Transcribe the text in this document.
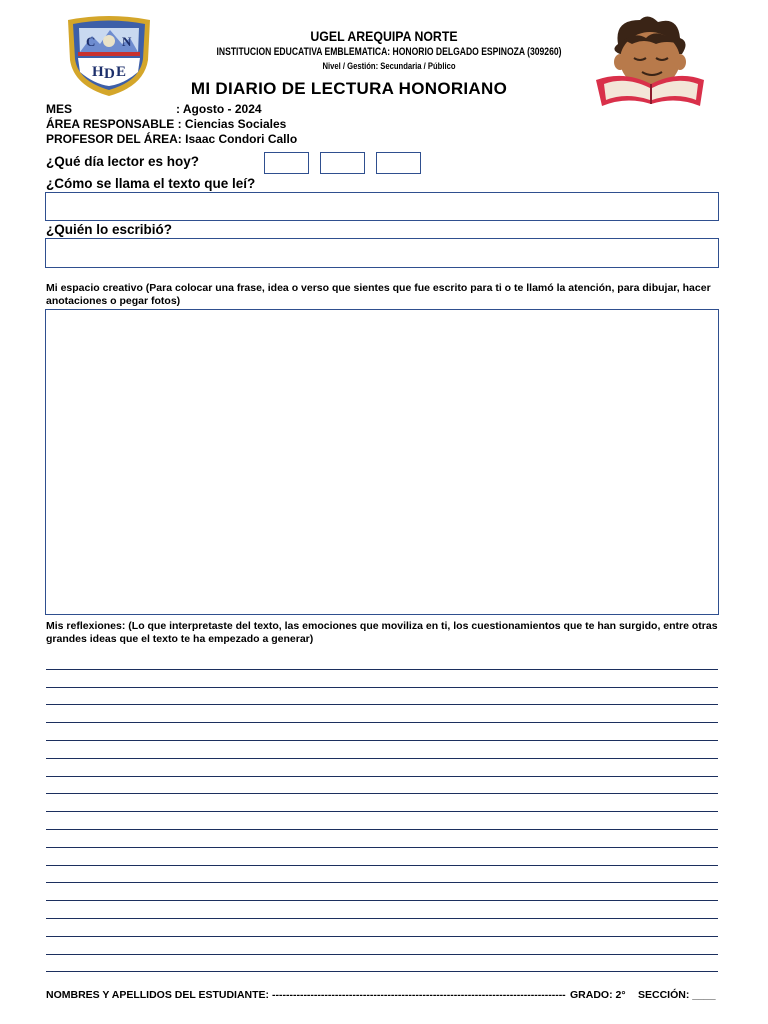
C N
H D E
UGEL AREQUIPA NORTE
INSTITUCION EDUCATIVA EMBLEMATICA: HONORIO DELGADO ESPINOZA (309260)
Nivel / Gestión: Secundaria / Público
MI DIARIO DE LECTURA HONORIANO
MES	: Agosto - 2024
ÁREA RESPONSABLE : Ciencias Sociales
PROFESOR DEL ÁREA: Isaac Condori Callo
¿Qué día lector es hoy?
¿Cómo se llama el texto que leí?
¿Quién lo escribió?
Mi espacio creativo (Para colocar una frase, idea o verso que sientes que fue escrito para ti o te llamó la atención, para dibujar, hacer anotaciones o pegar fotos)
Mis reflexiones: (Lo que interpretaste del texto, las emociones que moviliza en ti, los cuestionamientos que te han surgido, entre otras grandes ideas que el texto te ha empezado a generar)
NOMBRES Y APELLIDOS DEL ESTUDIANTE: ------------------------------------------------------------------------------------ GRADO: 2° SECCIÓN: ____
